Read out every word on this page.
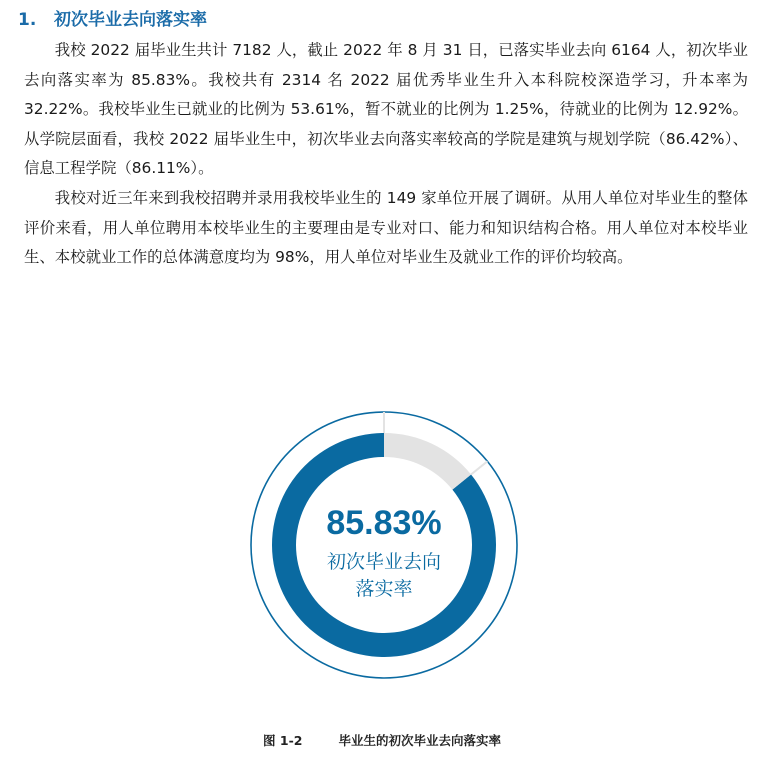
1. 初次毕业去向落实率

我校 2022 届毕业生共计 7182 人，截止 2022 年 8 月 31 日，已落实毕业去向 6164 人，初次毕业去向落实率为 85.83%。我校共有 2314 名 2022 届优秀毕业生升入本科院校深造学习，升本率为 32.22%。我校毕业生已就业的比例为 53.61%，暂不就业的比例为 1.25%，待就业的比例为 12.92%。从学院层面看，我校 2022 届毕业生中，初次毕业去向落实率较高的学院是建筑与规划学院（86.42%）、信息工程学院（86.11%）。

我校对近三年来到我校招聘并录用我校毕业生的 149 家单位开展了调研。从用人单位对毕业生的整体评价来看，用人单位聘用本校毕业生的主要理由是专业对口、能力和知识结构合格。用人单位对本校毕业生、本校就业工作的总体满意度均为 98%，用人单位对毕业生及就业工作的评价均较高。

85.83%
初次毕业去向
落实率
图 1-2	毕业生的初次毕业去向落实率
